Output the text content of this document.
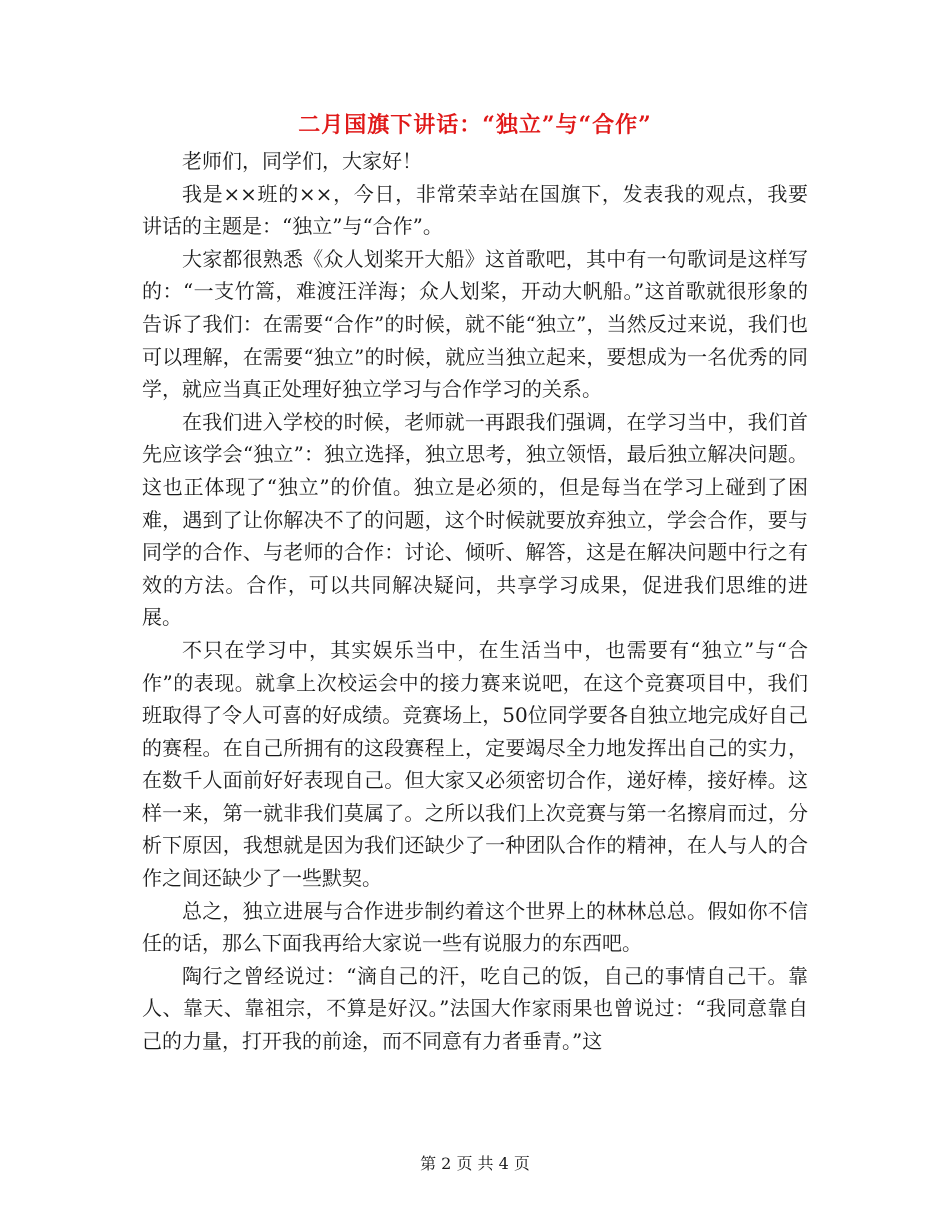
二月国旗下讲话：“独立”与“合作”

老师们，同学们，大家好！

我是××班的××，今日，非常荣幸站在国旗下，发表我的观点，我要讲话的主题是：“独立”与“合作”。

大家都很熟悉《众人划桨开大船》这首歌吧，其中有一句歌词是这样写的：“一支竹篙，难渡汪洋海；众人划桨，开动大帆船。”这首歌就很形象的告诉了我们：在需要“合作”的时候，就不能“独立”，当然反过来说，我们也可以理解，在需要“独立”的时候，就应当独立起来，要想成为一名优秀的同学，就应当真正处理好独立学习与合作学习的关系。

在我们进入学校的时候，老师就一再跟我们强调，在学习当中，我们首先应该学会“独立”：独立选择，独立思考，独立领悟，最后独立解决问题。这也正体现了“独立”的价值。独立是必须的，但是每当在学习上碰到了困难，遇到了让你解决不了的问题，这个时候就要放弃独立，学会合作，要与同学的合作、与老师的合作：讨论、倾听、解答，这是在解决问题中行之有效的方法。合作，可以共同解决疑问，共享学习成果，促进我们思维的进展。

不只在学习中，其实娱乐当中，在生活当中，也需要有“独立”与“合作”的表现。就拿上次校运会中的接力赛来说吧，在这个竞赛项目中，我们班取得了令人可喜的好成绩。竞赛场上，50位同学要各自独立地完成好自己的赛程。在自己所拥有的这段赛程上，定要竭尽全力地发挥出自己的实力，在数千人面前好好表现自己。但大家又必须密切合作，递好棒，接好棒。这样一来，第一就非我们莫属了。之所以我们上次竞赛与第一名擦肩而过，分析下原因，我想就是因为我们还缺少了一种团队合作的精神，在人与人的合作之间还缺少了一些默契。

总之，独立进展与合作进步制约着这个世界上的林林总总。假如你不信任的话，那么下面我再给大家说一些有说服力的东西吧。

陶行之曾经说过：“滴自己的汗，吃自己的饭，自己的事情自己干。靠人、靠天、靠祖宗，不算是好汉。”法国大作家雨果也曾说过：“我同意靠自己的力量，打开我的前途，而不同意有力者垂青。”这

第 2 页 共 4 页
